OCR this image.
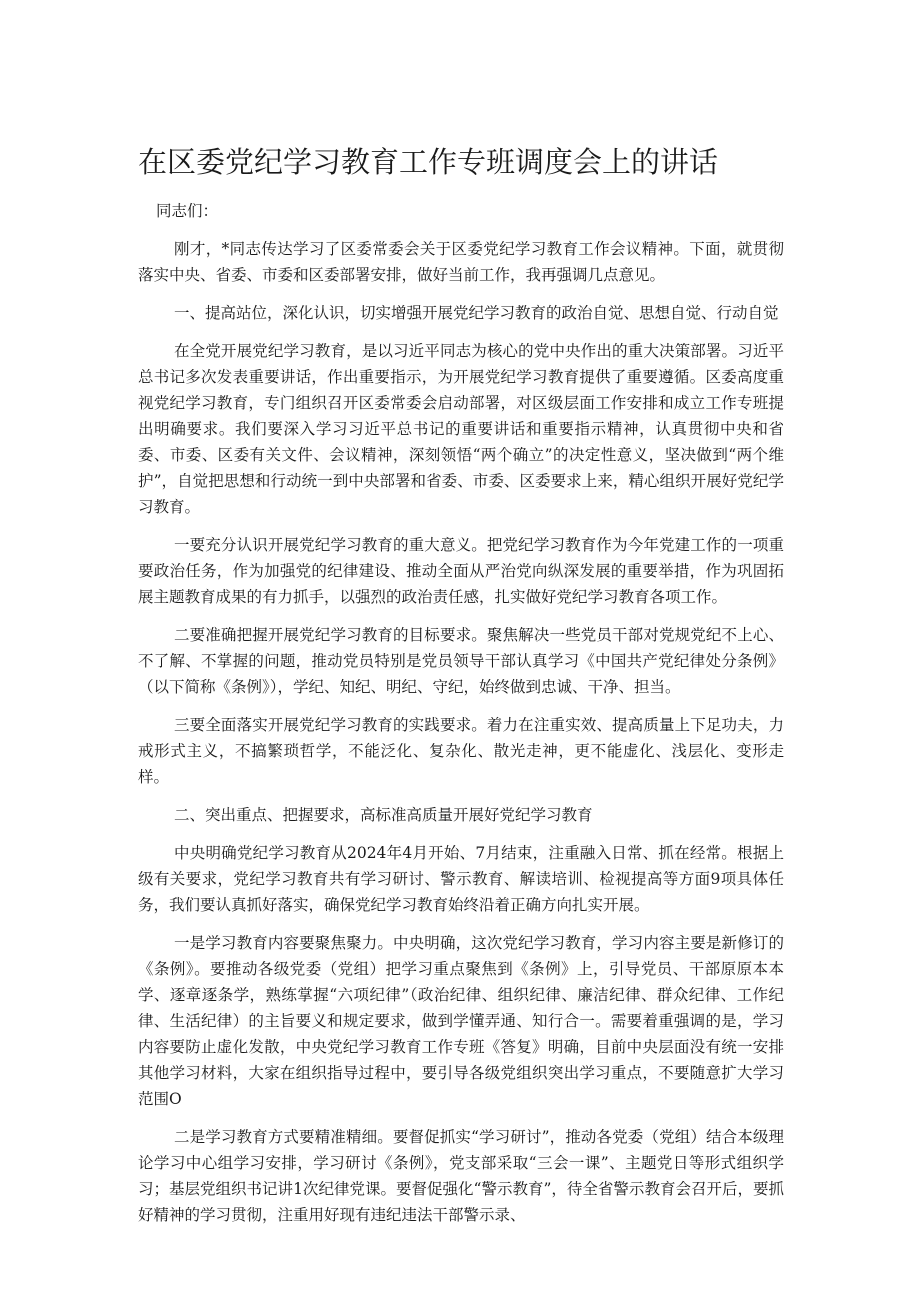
在区委党纪学习教育工作专班调度会上的讲话

同志们：

刚才，*同志传达学习了区委常委会关于区委党纪学习教育工作会议精神。下面，就贯彻落实中央、省委、市委和区委部署安排，做好当前工作，我再强调几点意见。

一、提高站位，深化认识，切实增强开展党纪学习教育的政治自觉、思想自觉、行动自觉

在全党开展党纪学习教育，是以习近平同志为核心的党中央作出的重大决策部署。习近平总书记多次发表重要讲话，作出重要指示，为开展党纪学习教育提供了重要遵循。区委高度重视党纪学习教育，专门组织召开区委常委会启动部署，对区级层面工作安排和成立工作专班提出明确要求。我们要深入学习习近平总书记的重要讲话和重要指示精神，认真贯彻中央和省委、市委、区委有关文件、会议精神，深刻领悟“两个确立”的决定性意义，坚决做到“两个维护”，自觉把思想和行动统一到中央部署和省委、市委、区委要求上来，精心组织开展好党纪学习教育。

一要充分认识开展党纪学习教育的重大意义。把党纪学习教育作为今年党建工作的一项重要政治任务，作为加强党的纪律建设、推动全面从严治党向纵深发展的重要举措，作为巩固拓展主题教育成果的有力抓手，以强烈的政治责任感，扎实做好党纪学习教育各项工作。

二要准确把握开展党纪学习教育的目标要求。聚焦解决一些党员干部对党规党纪不上心、不了解、不掌握的问题，推动党员特别是党员领导干部认真学习《中国共产党纪律处分条例》（以下简称《条例》），学纪、知纪、明纪、守纪，始终做到忠诚、干净、担当。

三要全面落实开展党纪学习教育的实践要求。着力在注重实效、提高质量上下足功夫，力戒形式主义，不搞繁琐哲学，不能泛化、复杂化、散光走神，更不能虚化、浅层化、变形走样。

二、突出重点、把握要求，高标准高质量开展好党纪学习教育

中央明确党纪学习教育从2024年4月开始、7月结束，注重融入日常、抓在经常。根据上级有关要求，党纪学习教育共有学习研讨、警示教育、解读培训、检视提高等方面9项具体任务，我们要认真抓好落实，确保党纪学习教育始终沿着正确方向扎实开展。

一是学习教育内容要聚焦聚力。中央明确，这次党纪学习教育，学习内容主要是新修订的《条例》。要推动各级党委（党组）把学习重点聚焦到《条例》上，引导党员、干部原原本本学、逐章逐条学，熟练掌握“六项纪律”（政治纪律、组织纪律、廉洁纪律、群众纪律、工作纪律、生活纪律）的主旨要义和规定要求，做到学懂弄通、知行合一。需要着重强调的是，学习内容要防止虚化发散，中央党纪学习教育工作专班《答复》明确，目前中央层面没有统一安排其他学习材料，大家在组织指导过程中，要引导各级党组织突出学习重点，不要随意扩大学习范围O

二是学习教育方式要精准精细。要督促抓实“学习研讨”，推动各党委（党组）结合本级理论学习中心组学习安排，学习研讨《条例》，党支部采取“三会一课”、主题党日等形式组织学习；基层党组织书记讲1次纪律党课。要督促强化“警示教育”，待全省警示教育会召开后，要抓好精神的学习贯彻，注重用好现有违纪违法干部警示录、
